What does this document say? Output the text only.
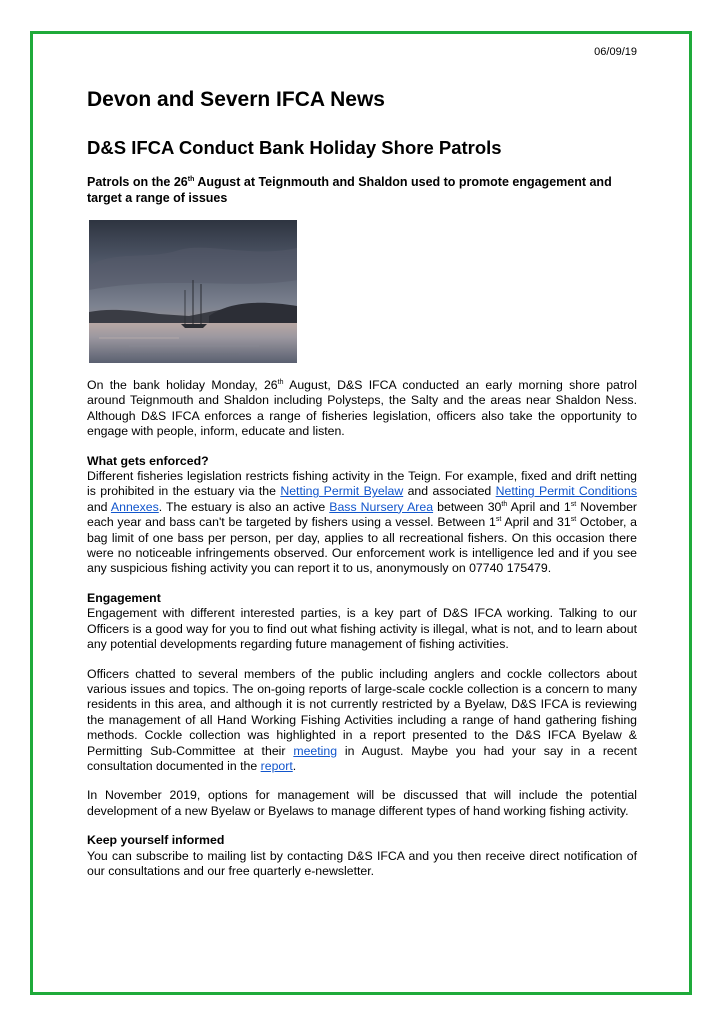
06/09/19
Devon and Severn IFCA News
D&S IFCA Conduct Bank Holiday Shore Patrols

Patrols on the 26th August at Teignmouth and Shaldon used to promote engagement and target a range of issues

On the bank holiday Monday, 26th August, D&S IFCA conducted an early morning shore patrol around Teignmouth and Shaldon including Polysteps, the Salty and the areas near Shaldon Ness. Although D&S IFCA enforces a range of fisheries legislation, officers also take the opportunity to engage with people, inform, educate and listen.

What gets enforced?

Different fisheries legislation restricts fishing activity in the Teign. For example, fixed and drift netting is prohibited in the estuary via the Netting Permit Byelaw and associated Netting Permit Conditions and Annexes. The estuary is also an active Bass Nursery Area between 30th April and 1st November each year and bass can't be targeted by fishers using a vessel. Between 1st April and 31st October, a bag limit of one bass per person, per day, applies to all recreational fishers. On this occasion there were no noticeable infringements observed. Our enforcement work is intelligence led and if you see any suspicious fishing activity you can report it to us, anonymously on 07740 175479.

Engagement

Engagement with different interested parties, is a key part of D&S IFCA working. Talking to our Officers is a good way for you to find out what fishing activity is illegal, what is not, and to learn about any potential developments regarding future management of fishing activities.

Officers chatted to several members of the public including anglers and cockle collectors about various issues and topics. The on-going reports of large-scale cockle collection is a concern to many residents in this area, and although it is not currently restricted by a Byelaw, D&S IFCA is reviewing the management of all Hand Working Fishing Activities including a range of hand gathering fishing methods. Cockle collection was highlighted in a report presented to the D&S IFCA Byelaw & Permitting Sub-Committee at their meeting in August. Maybe you had your say in a recent consultation documented in the report.

In November 2019, options for management will be discussed that will include the potential development of a new Byelaw or Byelaws to manage different types of hand working fishing activity.

Keep yourself informed

You can subscribe to mailing list by contacting D&S IFCA and you then receive direct notification of our consultations and our free quarterly e-newsletter.
